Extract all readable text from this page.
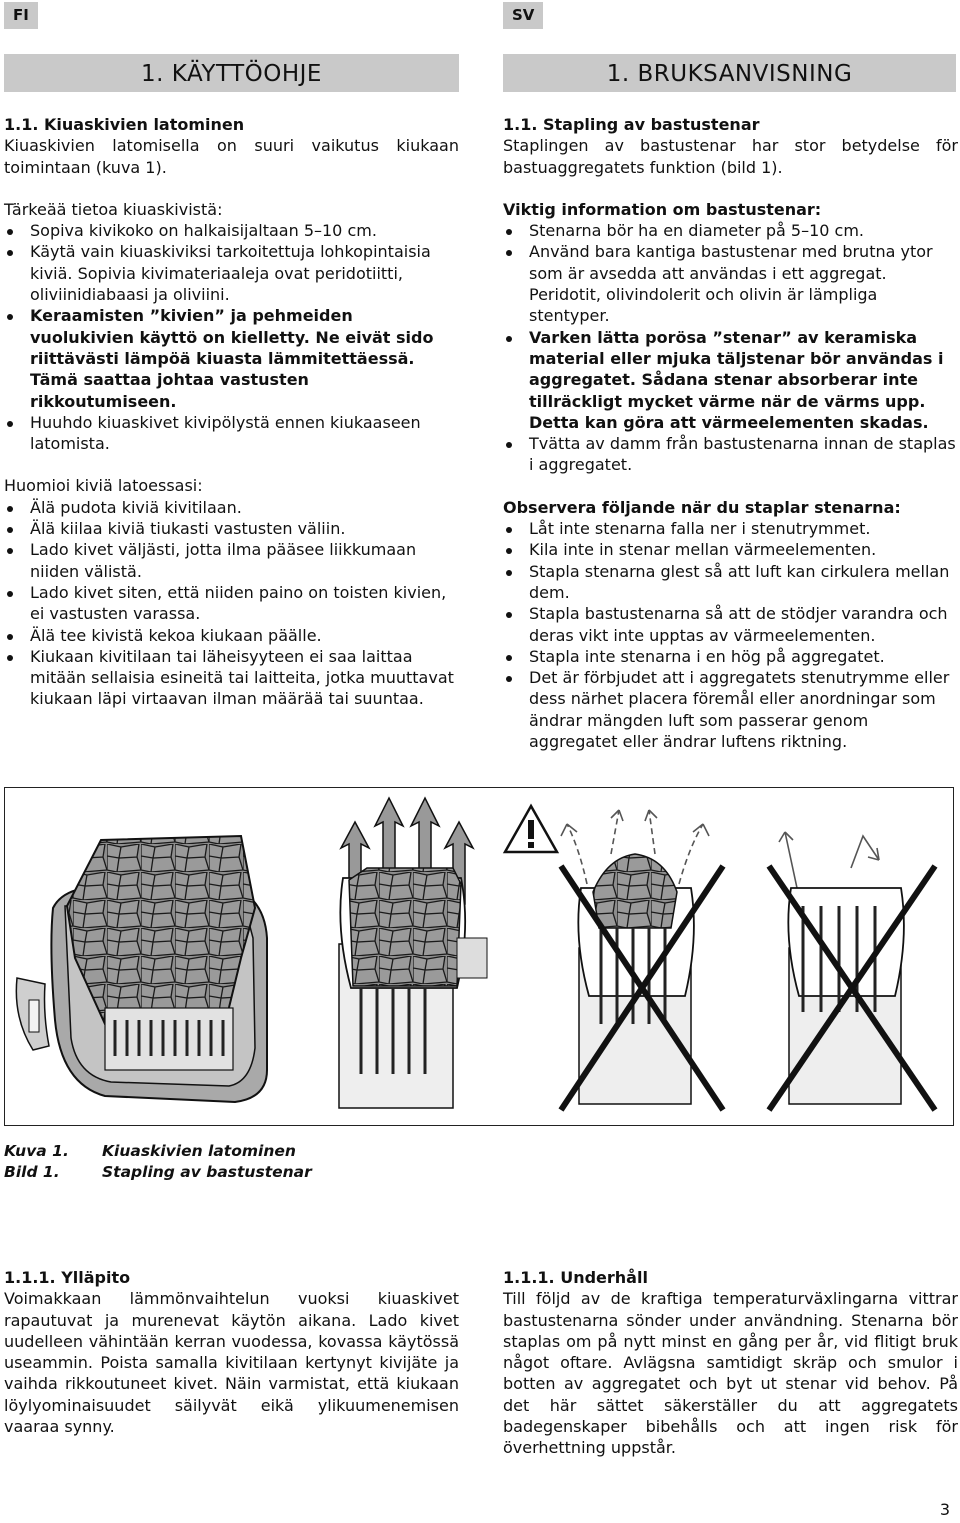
FI	SV
1. KÄYTTÖOHJE	1. BRUKSANVISNING

1.1. Kiuaskivien latominen

Kiuaskivien latomisella on suuri vaikutus kiukaan toimintaan (kuva 1).

Tärkeää tietoa kiuaskivistä:

Sopiva kivikoko on halkaisijaltaan 5–10 cm.
Käytä vain kiuaskiviksi tarkoitettuja lohkopintaisia kiviä. Sopivia kivimateriaaleja ovat peridotiitti, oliviinidiabaasi ja oliviini.
Keraamisten ”kivien” ja pehmeiden vuolukivien käyttö on kielletty. Ne eivät sido riittävästi lämpöä kiuasta lämmitettäessä. Tämä saattaa johtaa vastusten rikkoutumiseen.
Huuhdo kiuaskivet kivipölystä ennen kiukaaseen latomista.

Huomioi kiviä latoessasi:

Älä pudota kiviä kivitilaan.
Älä kiilaa kiviä tiukasti vastusten väliin.
Lado kivet väljästi, jotta ilma pääsee liikkumaan niiden välistä.
Lado kivet siten, että niiden paino on toisten kivien, ei vastusten varassa.
Älä tee kivistä kekoa kiukaan päälle.
Kiukaan kivitilaan tai läheisyyteen ei saa laittaa mitään sellaisia esineitä tai laitteita, jotka muuttavat kiukaan läpi virtaavan ilman määrää tai suuntaa.

1.1. Stapling av bastustenar

Staplingen av bastustenar har stor betydelse för bastuaggregatets funktion (bild 1).

Viktig information om bastustenar:

Stenarna bör ha en diameter på 5–10 cm.
Använd bara kantiga bastustenar med brutna ytor som är avsedda att användas i ett aggregat. Peridotit, olivindolerit och olivin är lämpliga stentyper.
Varken lätta porösa ”stenar” av keramiska material eller mjuka täljstenar bör användas i aggregatet. Sådana stenar absorberar inte tillräckligt mycket värme när de värms upp. Detta kan göra att värmeelementen skadas.
Tvätta av damm från bastustenarna innan de staplas i aggregatet.

Observera följande när du staplar stenarna:

Låt inte stenarna falla ner i stenutrymmet.
Kila inte in stenar mellan värmeelementen.
Stapla stenarna glest så att luft kan cirkulera mellan dem.
Stapla bastustenarna så att de stödjer varandra och deras vikt inte upptas av värmeelementen.
Stapla inte stenarna i en hög på aggregatet.
Det är förbjudet att i aggregatets stenutrymme eller dess närhet placera föremål eller anordningar som ändrar mängden luft som passerar genom aggregatet eller ändrar luftens riktning.
Kuva 1. Kiuaskivien latominen
Bild 1.	Stapling av bastustenar

1.1.1. Ylläpito

Voimakkaan lämmönvaihtelun vuoksi kiuaskivet rapautuvat ja murenevat käytön aikana. Lado kivet uudelleen vähintään kerran vuodessa, kovassa käytössä useammin. Poista samalla kivitilaan kertynyt kivijäte ja vaihda rikkoutuneet kivet. Näin varmistat, että kiukaan löylyominaisuudet säilyvät eikä ylikuumenemisen vaaraa synny.

1.1.1. Underhåll

Till följd av de kraftiga temperaturväxlingarna vittrar bastustenarna sönder under användning. Stenarna bör staplas om på nytt minst en gång per år, vid flitigt bruk något oftare. Avlägsna samtidigt skräp och smulor i botten av aggregatet och byt ut stenar vid behov. På det här sättet säkerställer du att aggregatets badegenskaper bibehålls och att ingen risk för överhettning uppstår.

3
